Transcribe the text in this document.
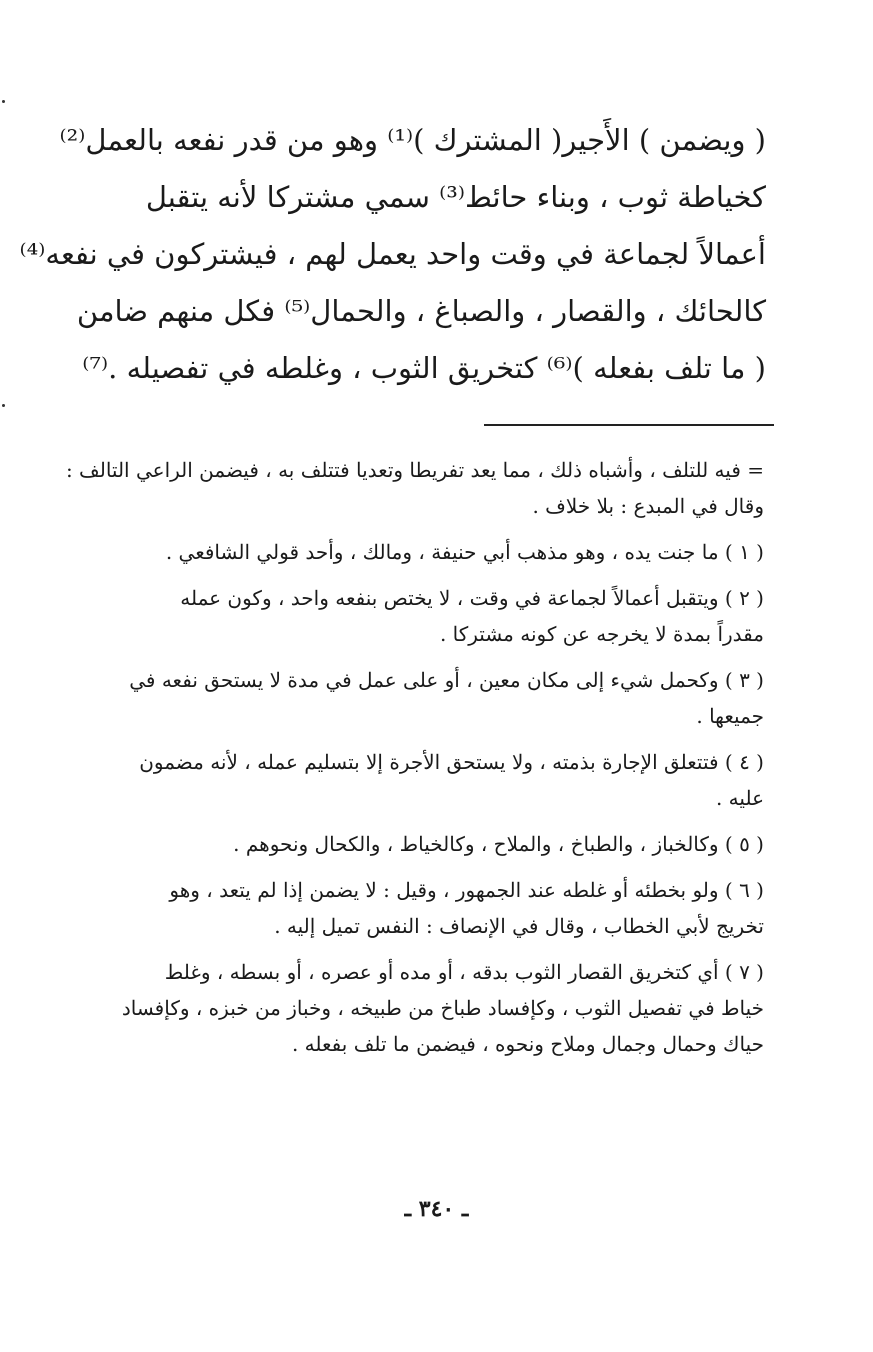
( ويضمن ) الأَجير( المشترك )⁽¹⁾ وهو من قدر نفعه بالعمل⁽²⁾
كخياطة ثوب ، وبناء حائط⁽³⁾ سمي مشتركا لأنه يتقبل
أعمالاً لجماعة في وقت واحد يعمل لهم ، فيشتركون في نفعه⁽⁴⁾
كالحائك ، والقصار ، والصباغ ، والحمال⁽⁵⁾ فكل منهم ضامن
( ما تلف بفعله )⁽⁶⁾ كتخريق الثوب ، وغلطه في تفصيله .⁽⁷⁾
= فيه للتلف ، وأشباه ذلك ، مما يعد تفريطا وتعديا فتتلف به ، فيضمن الراعي التالف :
وقال في المبدع : بلا خلاف .
( ١ ) ما جنت يده ، وهو مذهب أبي حنيفة ، ومالك ، وأحد قولي الشافعي .
( ٢ ) ويتقبل أعمالاً لجماعة في وقت ، لا يختص بنفعه واحد ، وكون عمله
مقدراً بمدة لا يخرجه عن كونه مشتركا .
( ٣ ) وكحمل شيء إلى مكان معين ، أو على عمل في مدة لا يستحق نفعه في
جميعها .
( ٤ ) فتتعلق الإجارة بذمته ، ولا يستحق الأجرة إلا بتسليم عمله ، لأنه مضمون
عليه .
( ٥ ) وكالخباز ، والطباخ ، والملاح ، وكالخياط ، والكحال ونحوهم .
( ٦ ) ولو بخطئه أو غلطه عند الجمهور ، وقيل : لا يضمن إذا لم يتعد ، وهو
تخريج لأبي الخطاب ، وقال في الإنصاف : النفس تميل إليه .
( ٧ ) أي كتخريق القصار الثوب بدقه ، أو مده أو عصره ، أو بسطه ، وغلط
خياط في تفصيل الثوب ، وكإفساد طباخ من طبيخه ، وخباز من خبزه ، وكإفساد
حياك وحمال وجمال وملاح ونحوه ، فيضمن ما تلف بفعله .
ـ ٣٤٠ ـ
